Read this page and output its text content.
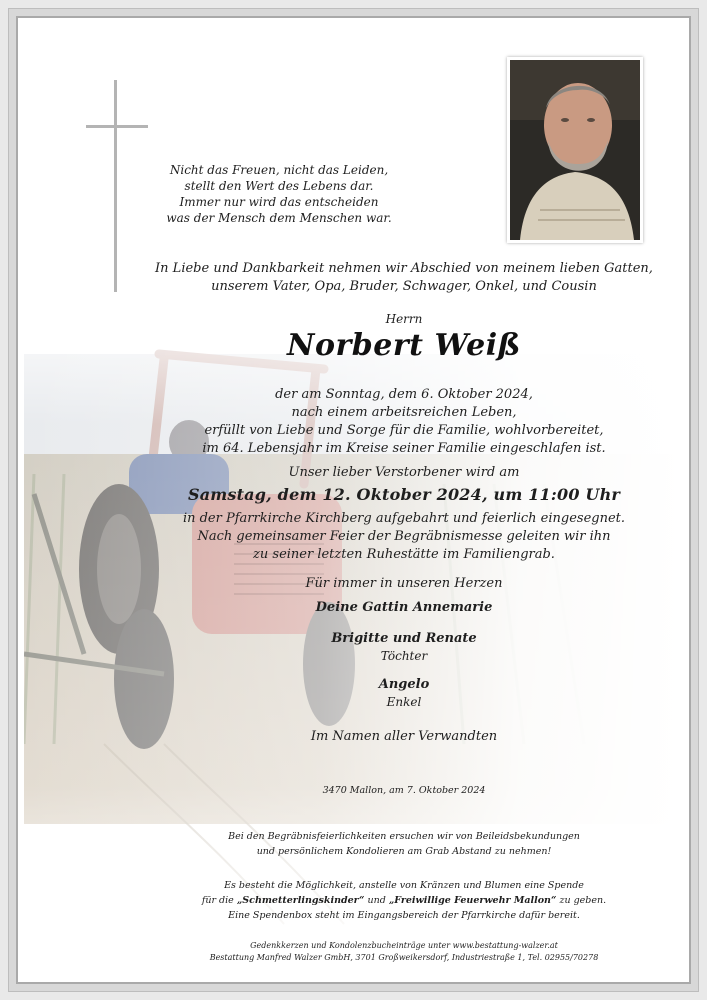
Nicht das Freuen, nicht das Leiden,
stellt den Wert des Lebens dar.
Immer nur wird das entscheiden
was der Mensch dem Menschen war.
In Liebe und Dankbarkeit nehmen wir Abschied von meinem lieben Gatten,
unserem Vater, Opa, Bruder, Schwager, Onkel, und Cousin
Herrn
Norbert Weiß
der am Sonntag, dem 6. Oktober 2024,
nach einem arbeitsreichen Leben,
erfüllt von Liebe und Sorge für die Familie, wohlvorbereitet,
im 64. Lebensjahr im Kreise seiner Familie eingeschlafen ist.
Unser lieber Verstorbener wird am
Samstag, dem 12. Oktober 2024, um 11:00 Uhr
in der Pfarrkirche Kirchberg aufgebahrt und feierlich eingesegnet.
Nach gemeinsamer Feier der Begräbnismesse geleiten wir ihn
zu seiner letzten Ruhestätte im Familiengrab.
Für immer in unseren Herzen
Deine Gattin Annemarie
Brigitte und Renate
Töchter
Angelo
Enkel
Im Namen aller Verwandten
3470 Mallon, am 7. Oktober 2024
Bei den Begräbnisfeierlichkeiten ersuchen wir von Beileidsbekundungen
und persönlichem Kondolieren am Grab Abstand zu nehmen!
Es besteht die Möglichkeit, anstelle von Kränzen und Blumen eine Spende
für die „Schmetterlingskinder“ und „Freiwillige Feuerwehr Mallon“ zu geben.
Eine Spendenbox steht im Eingangsbereich der Pfarrkirche dafür bereit.
Gedenkkerzen und Kondolenzbucheinträge unter www.bestattung-walzer.at
Bestattung Manfred Walzer GmbH, 3701 Großweikersdorf, Industriestraße 1, Tel. 02955/70278
